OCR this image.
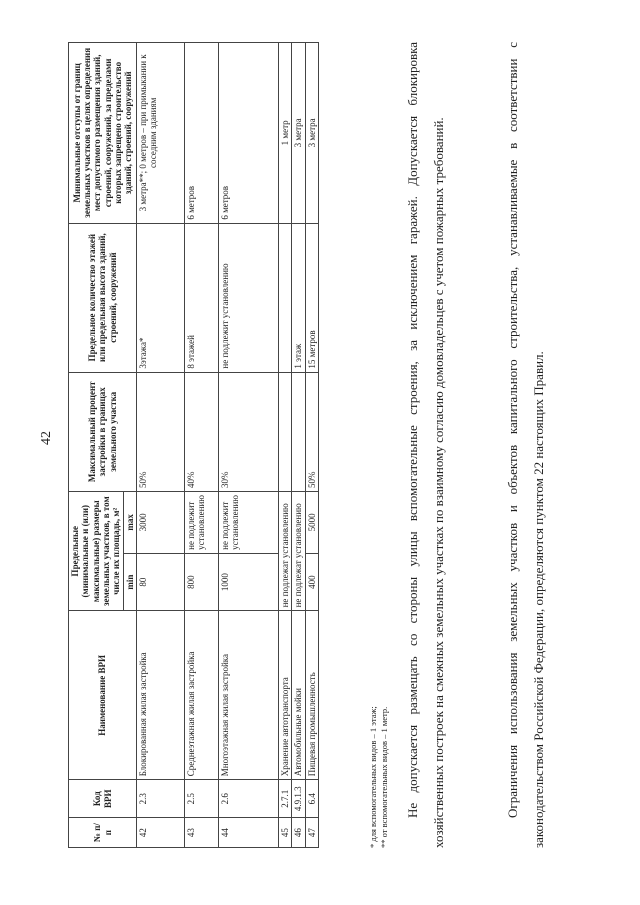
42
№ п/п	Код ВРИ	Наименование ВРИ	Предельные (минимальные и (или) максимальные) размеры земельных участков, в том числе их площадь, м²		Максимальный процент застройки в границах земельного участка	Предельное количество этажей или предельная высота зданий, строений, сооружений	Минимальные отступы от границ земельных участков в целях определения мест допустимого размещения зданий, строений, сооружений, за пределами которых запрещено строительство зданий, строений, сооружений
			min	max			
42	2.3	Блокированная жилая застройка	80	3000	50%	3этажа*	3 метра**; 0 метров – при примыкании к соседним зданиям
43	2.5	Среднеэтажная жилая застройка	800	не подлежит установлению	40%	8 этажей	6 метров
44	2.6	Многоэтажная жилая застройка	1000	не подлежит установлению	30%	не подлежит установлению	6 метров
45	2.7.1	Хранение автотранспорта	не подлежат установлению				1 метр
46	4.9.1.3	Автомобильные мойки	не подлежат установлению			1 этаж	3 метра
47	6.4	Пищевая промышленность	400	5000	50%	15 метров	3 метра
* для вспомогательных видов – 1 этаж; ** от вспомогательных видов – 1 метр.	Не допускается размещать со стороны улицы вспомогательные строения, за исключением гаражей. Допускается блокировка хозяйственных построек на смежных земельных участках по взаимному согласию домовладельцев с учетом пожарных требований.	Ограничения использования земельных участков и объектов капитального строительства, устанавливаемые в соответствии с законодательством Российской Федерации, определяются пунктом 22 настоящих Правил.
